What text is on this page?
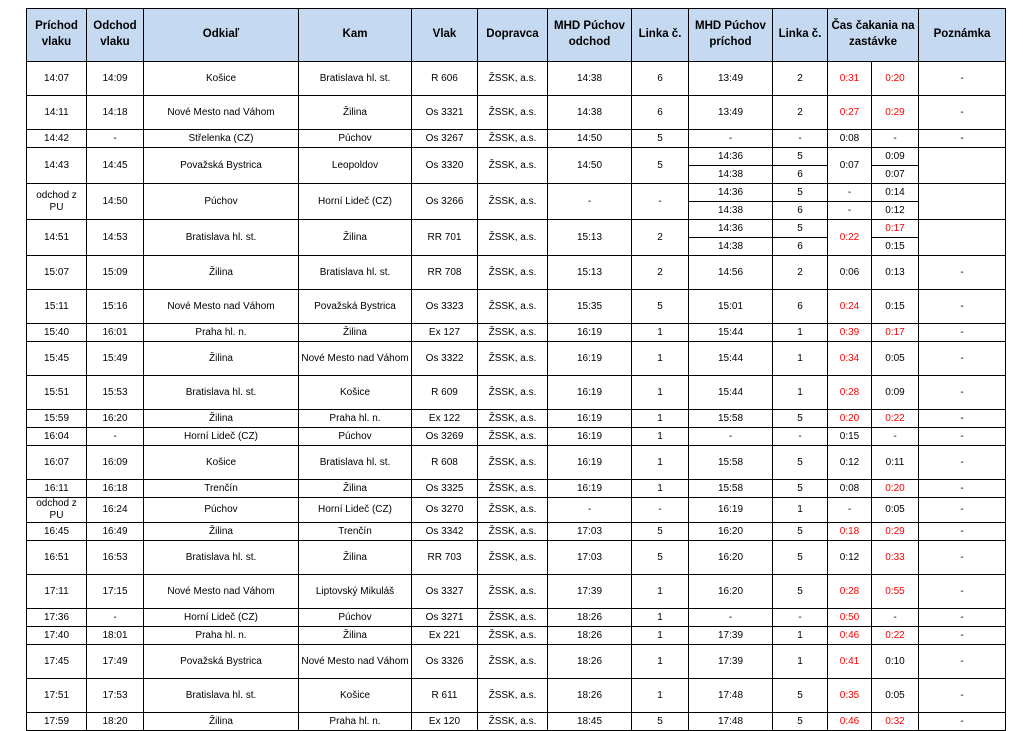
Príchod vlaku	Odchod vlaku	Odkiaľ	Kam	Vlak	Dopravca	MHD Púchov odchod	Linka č.	MHD Púchov príchod	Linka č.	Čas čakania na zastávke		Poznámka
14:07	14:09	Košice	Bratislava hl. st.	R 606	ŽSSK, a.s.	14:38	6	13:49	2	0:31	0:20	-
14:11	14:18	Nové Mesto nad Váhom	Žilina	Os 3321	ŽSSK, a.s.	14:38	6	13:49	2	0:27	0:29	-
14:42	-	Střelenka (CZ)	Púchov	Os 3267	ŽSSK, a.s.	14:50	5	-	-	0:08	-	-
14:43	14:45	Považská Bystrica	Leopoldov	Os 3320	ŽSSK, a.s.	14:50	5	14:36	5	0:07	0:09	
								14:38	6		0:07	
odchod z PU	14:50	Púchov	Horní Lideč (CZ)	Os 3266	ŽSSK, a.s.	-	-	14:36	5	-	0:14	
								14:38	6	-	0:12	
14:51	14:53	Bratislava hl. st.	Žilina	RR 701	ŽSSK, a.s.	15:13	2	14:36	5	0:22	0:17	
								14:38	6		0:15	
15:07	15:09	Žilina	Bratislava hl. st.	RR 708	ŽSSK, a.s.	15:13	2	14:56	2	0:06	0:13	-
15:11	15:16	Nové Mesto nad Váhom	Považská Bystrica	Os 3323	ŽSSK, a.s.	15:35	5	15:01	6	0:24	0:15	-
15:40	16:01	Praha hl. n.	Žilina	Ex 127	ŽSSK, a.s.	16:19	1	15:44	1	0:39	0:17	-
15:45	15:49	Žilina	Nové Mesto nad Váhom	Os 3322	ŽSSK, a.s.	16:19	1	15:44	1	0:34	0:05	-
15:51	15:53	Bratislava hl. st.	Košice	R 609	ŽSSK, a.s.	16:19	1	15:44	1	0:28	0:09	-
15:59	16:20	Žilina	Praha hl. n.	Ex 122	ŽSSK, a.s.	16:19	1	15:58	5	0:20	0:22	-
16:04	-	Horní Lideč (CZ)	Púchov	Os 3269	ŽSSK, a.s.	16:19	1	-	-	0:15	-	-
16:07	16:09	Košice	Bratislava hl. st.	R 608	ŽSSK, a.s.	16:19	1	15:58	5	0:12	0:11	-
16:11	16:18	Trenčín	Žilina	Os 3325	ŽSSK, a.s.	16:19	1	15:58	5	0:08	0:20	-
odchod z PU	16:24	Púchov	Horní Lideč (CZ)	Os 3270	ŽSSK, a.s.	-	-	16:19	1	-	0:05	-
16:45	16:49	Žilina	Trenčín	Os 3342	ŽSSK, a.s.	17:03	5	16:20	5	0:18	0:29	-
16:51	16:53	Bratislava hl. st.	Žilina	RR 703	ŽSSK, a.s.	17:03	5	16:20	5	0:12	0:33	-
17:11	17:15	Nové Mesto nad Váhom	Liptovský Mikuláš	Os 3327	ŽSSK, a.s.	17:39	1	16:20	5	0:28	0:55	-
17:36	-	Horní Lideč (CZ)	Púchov	Os 3271	ŽSSK, a.s.	18:26	1	-	-	0:50	-	-
17:40	18:01	Praha hl. n.	Žilina	Ex 221	ŽSSK, a.s.	18:26	1	17:39	1	0:46	0:22	-
17:45	17:49	Považská Bystrica	Nové Mesto nad Váhom	Os 3326	ŽSSK, a.s.	18:26	1	17:39	1	0:41	0:10	-
17:51	17:53	Bratislava hl. st.	Košice	R 611	ŽSSK, a.s.	18:26	1	17:48	5	0:35	0:05	-
17:59	18:20	Žilina	Praha hl. n.	Ex 120	ŽSSK, a.s.	18:45	5	17:48	5	0:46	0:32	-
